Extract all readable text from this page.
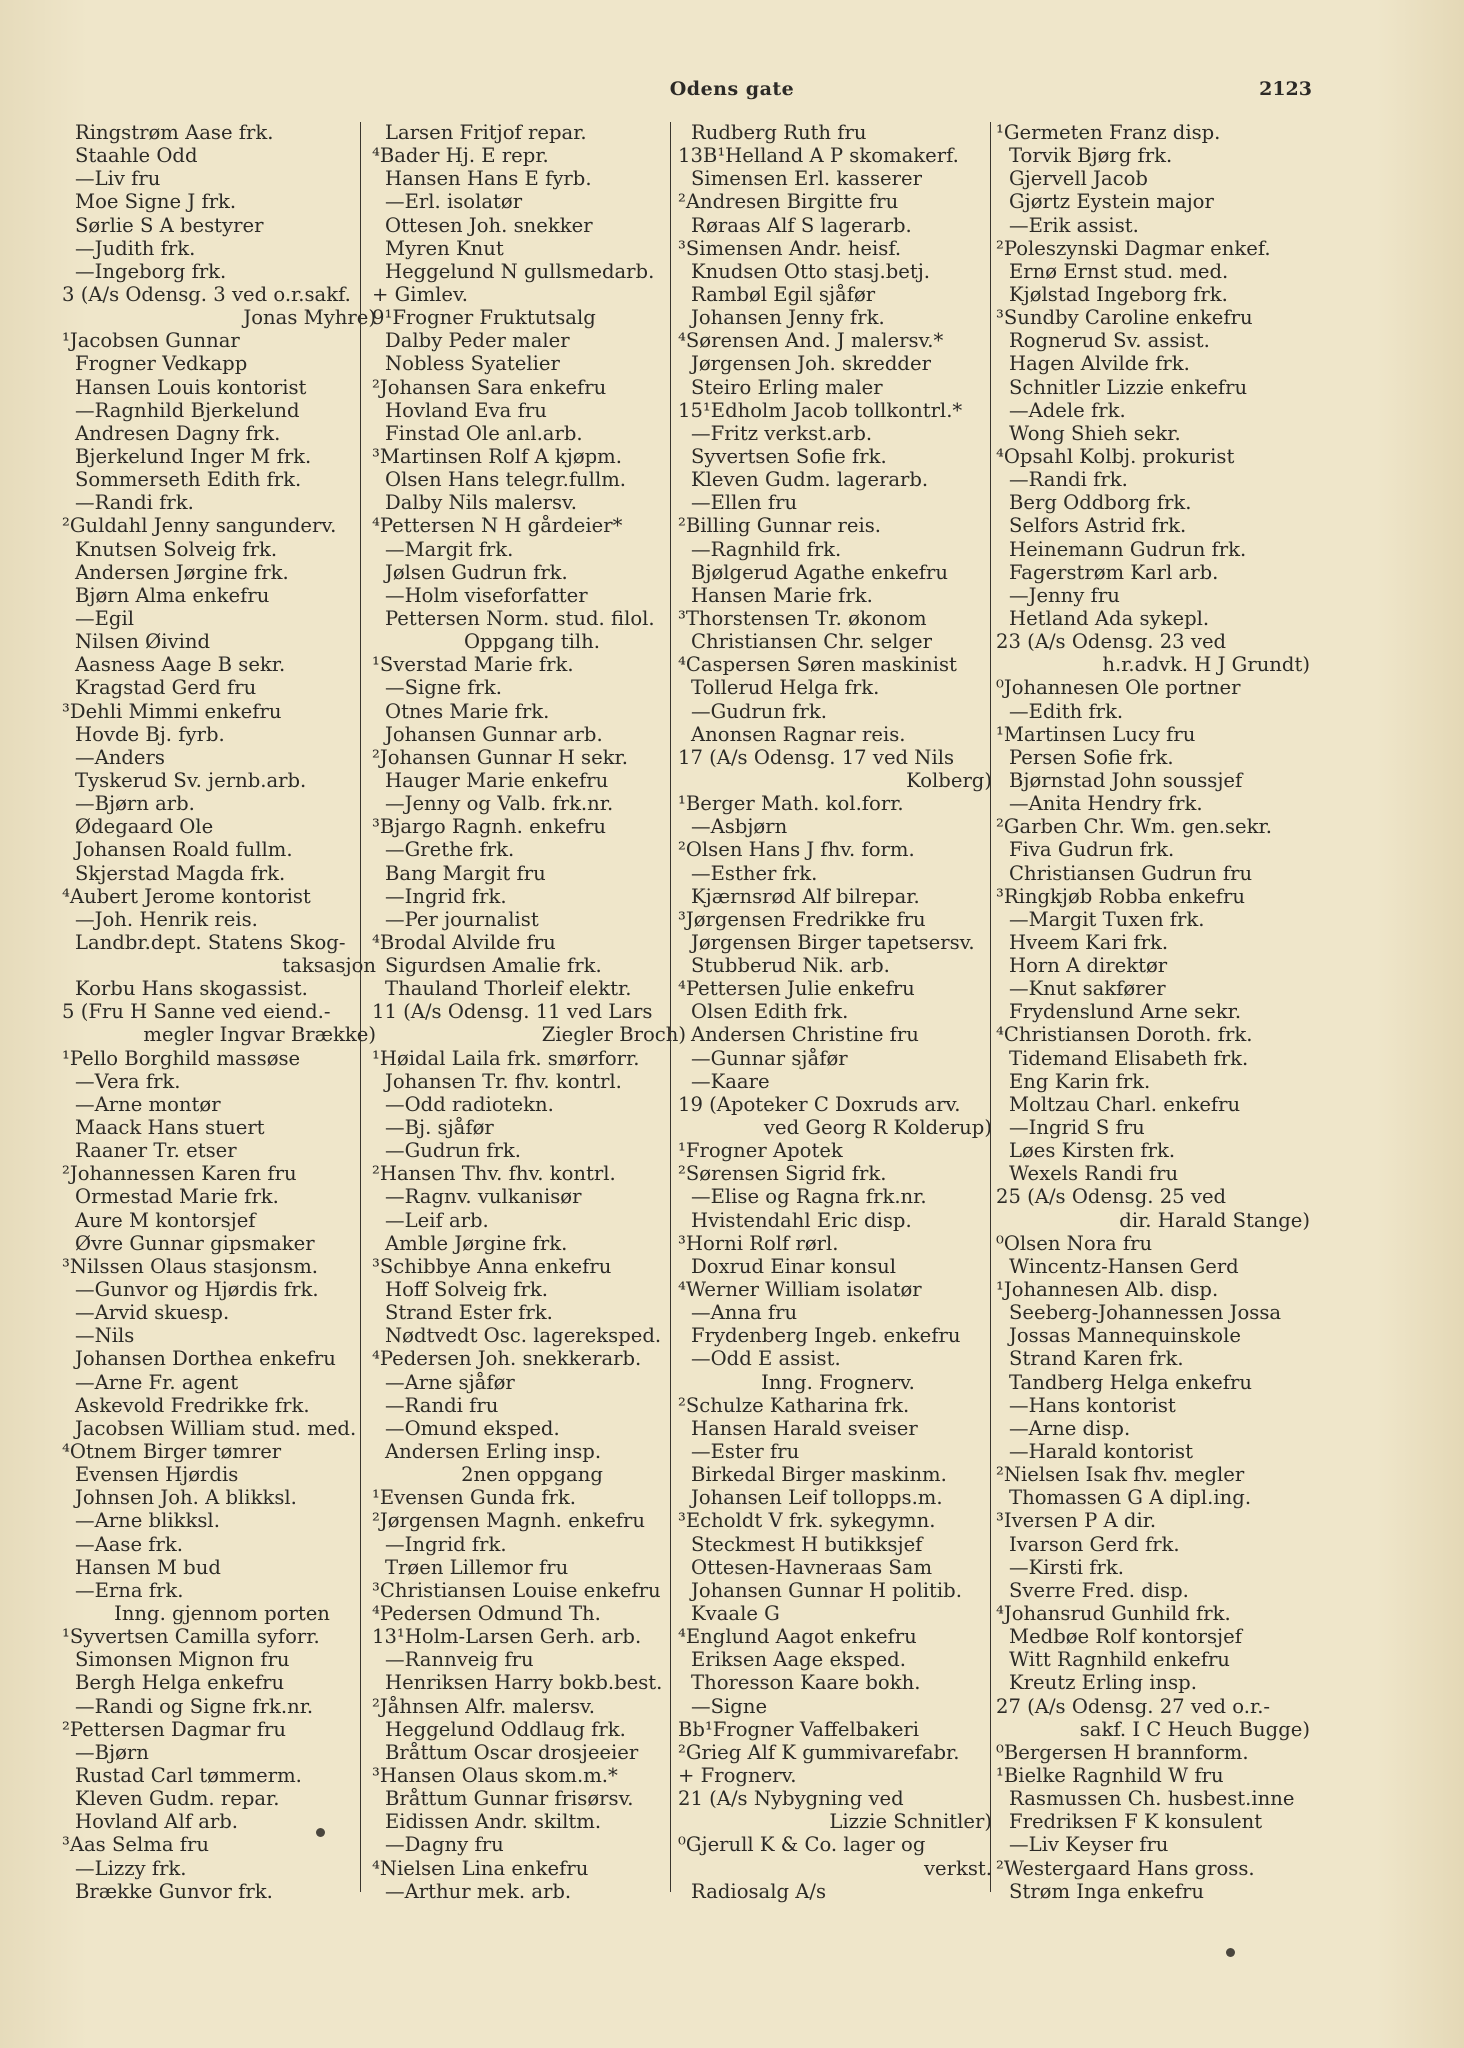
Odens gate	2123
Ringstrøm Aase frk.
Staahle Odd
—Liv fru
Moe Signe J frk.
Sørlie S A bestyrer
—Judith frk.
—Ingeborg frk.
3 (A/s Odensg. 3 ved o.r.sakf.
Jonas Myhre)
¹Jacobsen Gunnar
Frogner Vedkapp
Hansen Louis kontorist
—Ragnhild Bjerkelund
Andresen Dagny frk.
Bjerkelund Inger M frk.
Sommerseth Edith frk.
—Randi frk.
²Guldahl Jenny sangunderv.
Knutsen Solveig frk.
Andersen Jørgine frk.
Bjørn Alma enkefru
—Egil
Nilsen Øivind
Aasness Aage B sekr.
Kragstad Gerd fru
³Dehli Mimmi enkefru
Hovde Bj. fyrb.
—Anders
Tyskerud Sv. jernb.arb.
—Bjørn arb.
Ødegaard Ole
Johansen Roald fullm.
Skjerstad Magda frk.
⁴Aubert Jerome kontorist
—Joh. Henrik reis.
Landbr.dept. Statens Skog-
taksasjon
Korbu Hans skogassist.
5 (Fru H Sanne ved eiend.-
megler Ingvar Brække)
¹Pello Borghild massøse
—Vera frk.
—Arne montør
Maack Hans stuert
Raaner Tr. etser
²Johannessen Karen fru
Ormestad Marie frk.
Aure M kontorsjef
Øvre Gunnar gipsmaker
³Nilssen Olaus stasjonsm.
—Gunvor og Hjørdis frk.
—Arvid skuesp.
—Nils
Johansen Dorthea enkefru
—Arne Fr. agent
Askevold Fredrikke frk.
Jacobsen William stud. med.
⁴Otnem Birger tømrer
Evensen Hjørdis
Johnsen Joh. A blikksl.
—Arne blikksl.
—Aase frk.
Hansen M bud
—Erna frk.
Inng. gjennom porten
¹Syvertsen Camilla syforr.
Simonsen Mignon fru
Bergh Helga enkefru
—Randi og Signe frk.nr.
²Pettersen Dagmar fru
—Bjørn
Rustad Carl tømmerm.
Kleven Gudm. repar.
Hovland Alf arb.
³Aas Selma fru
—Lizzy frk.
Brække Gunvor frk.
Larsen Fritjof repar.
⁴Bader Hj. E repr.
Hansen Hans E fyrb.
—Erl. isolatør
Ottesen Joh. snekker
Myren Knut
Heggelund N gullsmedarb.
+ Gimlev.
9¹Frogner Fruktutsalg
Dalby Peder maler
Nobless Syatelier
²Johansen Sara enkefru
Hovland Eva fru
Finstad Ole anl.arb.
³Martinsen Rolf A kjøpm.
Olsen Hans telegr.fullm.
Dalby Nils malersv.
⁴Pettersen N H gårdeier*
—Margit frk.
Jølsen Gudrun frk.
—Holm viseforfatter
Pettersen Norm. stud. filol.
Oppgang tilh.
¹Sverstad Marie frk.
—Signe frk.
Otnes Marie frk.
Johansen Gunnar arb.
²Johansen Gunnar H sekr.
Hauger Marie enkefru
—Jenny og Valb. frk.nr.
³Bjargo Ragnh. enkefru
—Grethe frk.
Bang Margit fru
—Ingrid frk.
—Per journalist
⁴Brodal Alvilde fru
Sigurdsen Amalie frk.
Thauland Thorleif elektr.
11 (A/s Odensg. 11 ved Lars
Ziegler Broch)
¹Høidal Laila frk. smørforr.
Johansen Tr. fhv. kontrl.
—Odd radiotekn.
—Bj. sjåfør
—Gudrun frk.
²Hansen Thv. fhv. kontrl.
—Ragnv. vulkanisør
—Leif arb.
Amble Jørgine frk.
³Schibbye Anna enkefru
Hoff Solveig frk.
Strand Ester frk.
Nødtvedt Osc. lagereksped.
⁴Pedersen Joh. snekkerarb.
—Arne sjåfør
—Randi fru
—Omund eksped.
Andersen Erling insp.
2nen oppgang
¹Evensen Gunda frk.
²Jørgensen Magnh. enkefru
—Ingrid frk.
Trøen Lillemor fru
³Christiansen Louise enkefru
⁴Pedersen Odmund Th.
13¹Holm-Larsen Gerh. arb.
—Rannveig fru
Henriksen Harry bokb.best.
²Jåhnsen Alfr. malersv.
Heggelund Oddlaug frk.
Bråttum Oscar drosjeeier
³Hansen Olaus skom.m.*
Bråttum Gunnar frisørsv.
Eidissen Andr. skiltm.
—Dagny fru
⁴Nielsen Lina enkefru
—Arthur mek. arb.
Rudberg Ruth fru
13B¹Helland A P skomakerf.
Simensen Erl. kasserer
²Andresen Birgitte fru
Røraas Alf S lagerarb.
³Simensen Andr. heisf.
Knudsen Otto stasj.betj.
Rambøl Egil sjåfør
Johansen Jenny frk.
⁴Sørensen And. J malersv.*
Jørgensen Joh. skredder
Steiro Erling maler
15¹Edholm Jacob tollkontrl.*
—Fritz verkst.arb.
Syvertsen Sofie frk.
Kleven Gudm. lagerarb.
—Ellen fru
²Billing Gunnar reis.
—Ragnhild frk.
Bjølgerud Agathe enkefru
Hansen Marie frk.
³Thorstensen Tr. økonom
Christiansen Chr. selger
⁴Caspersen Søren maskinist
Tollerud Helga frk.
—Gudrun frk.
Anonsen Ragnar reis.
17 (A/s Odensg. 17 ved Nils
Kolberg)
¹Berger Math. kol.forr.
—Asbjørn
²Olsen Hans J fhv. form.
—Esther frk.
Kjærnsrød Alf bilrepar.
³Jørgensen Fredrikke fru
Jørgensen Birger tapetsersv.
Stubberud Nik. arb.
⁴Pettersen Julie enkefru
Olsen Edith frk.
Andersen Christine fru
—Gunnar sjåfør
—Kaare
19 (Apoteker C Doxruds arv.
ved Georg R Kolderup)
¹Frogner Apotek
²Sørensen Sigrid frk.
—Elise og Ragna frk.nr.
Hvistendahl Eric disp.
³Horni Rolf rørl.
Doxrud Einar konsul
⁴Werner William isolatør
—Anna fru
Frydenberg Ingeb. enkefru
—Odd E assist.
Inng. Frognerv.
²Schulze Katharina frk.
Hansen Harald sveiser
—Ester fru
Birkedal Birger maskinm.
Johansen Leif tollopps.m.
³Echoldt V frk. sykegymn.
Steckmest H butikksjef
Ottesen-Havneraas Sam
Johansen Gunnar H politib.
Kvaale G
⁴Englund Aagot enkefru
Eriksen Aage eksped.
Thoresson Kaare bokh.
—Signe
Bb¹Frogner Vaffelbakeri
²Grieg Alf K gummivarefabr.
+ Frognerv.
21 (A/s Nybygning ved
Lizzie Schnitler)
⁰Gjerull K & Co. lager og
verkst.
Radiosalg A/s
¹Germeten Franz disp.
Torvik Bjørg frk.
Gjervell Jacob
Gjørtz Eystein major
—Erik assist.
²Poleszynski Dagmar enkef.
Ernø Ernst stud. med.
Kjølstad Ingeborg frk.
³Sundby Caroline enkefru
Rognerud Sv. assist.
Hagen Alvilde frk.
Schnitler Lizzie enkefru
—Adele frk.
Wong Shieh sekr.
⁴Opsahl Kolbj. prokurist
—Randi frk.
Berg Oddborg frk.
Selfors Astrid frk.
Heinemann Gudrun frk.
Fagerstrøm Karl arb.
—Jenny fru
Hetland Ada sykepl.
23 (A/s Odensg. 23 ved
h.r.advk. H J Grundt)
⁰Johannesen Ole portner
—Edith frk.
¹Martinsen Lucy fru
Persen Sofie frk.
Bjørnstad John soussjef
—Anita Hendry frk.
²Garben Chr. Wm. gen.sekr.
Fiva Gudrun frk.
Christiansen Gudrun fru
³Ringkjøb Robba enkefru
—Margit Tuxen frk.
Hveem Kari frk.
Horn A direktør
—Knut sakfører
Frydenslund Arne sekr.
⁴Christiansen Doroth. frk.
Tidemand Elisabeth frk.
Eng Karin frk.
Moltzau Charl. enkefru
—Ingrid S fru
Løes Kirsten frk.
Wexels Randi fru
25 (A/s Odensg. 25 ved
dir. Harald Stange)
⁰Olsen Nora fru
Wincentz-Hansen Gerd
¹Johannesen Alb. disp.
Seeberg-Johannessen Jossa
Jossas Mannequinskole
Strand Karen frk.
Tandberg Helga enkefru
—Hans kontorist
—Arne disp.
—Harald kontorist
²Nielsen Isak fhv. megler
Thomassen G A dipl.ing.
³Iversen P A dir.
Ivarson Gerd frk.
—Kirsti frk.
Sverre Fred. disp.
⁴Johansrud Gunhild frk.
Medbøe Rolf kontorsjef
Witt Ragnhild enkefru
Kreutz Erling insp.
27 (A/s Odensg. 27 ved o.r.-
sakf. I C Heuch Bugge)
⁰Bergersen H brannform.
¹Bielke Ragnhild W fru
Rasmussen Ch. husbest.inne
Fredriksen F K konsulent
—Liv Keyser fru
²Westergaard Hans gross.
Strøm Inga enkefru
